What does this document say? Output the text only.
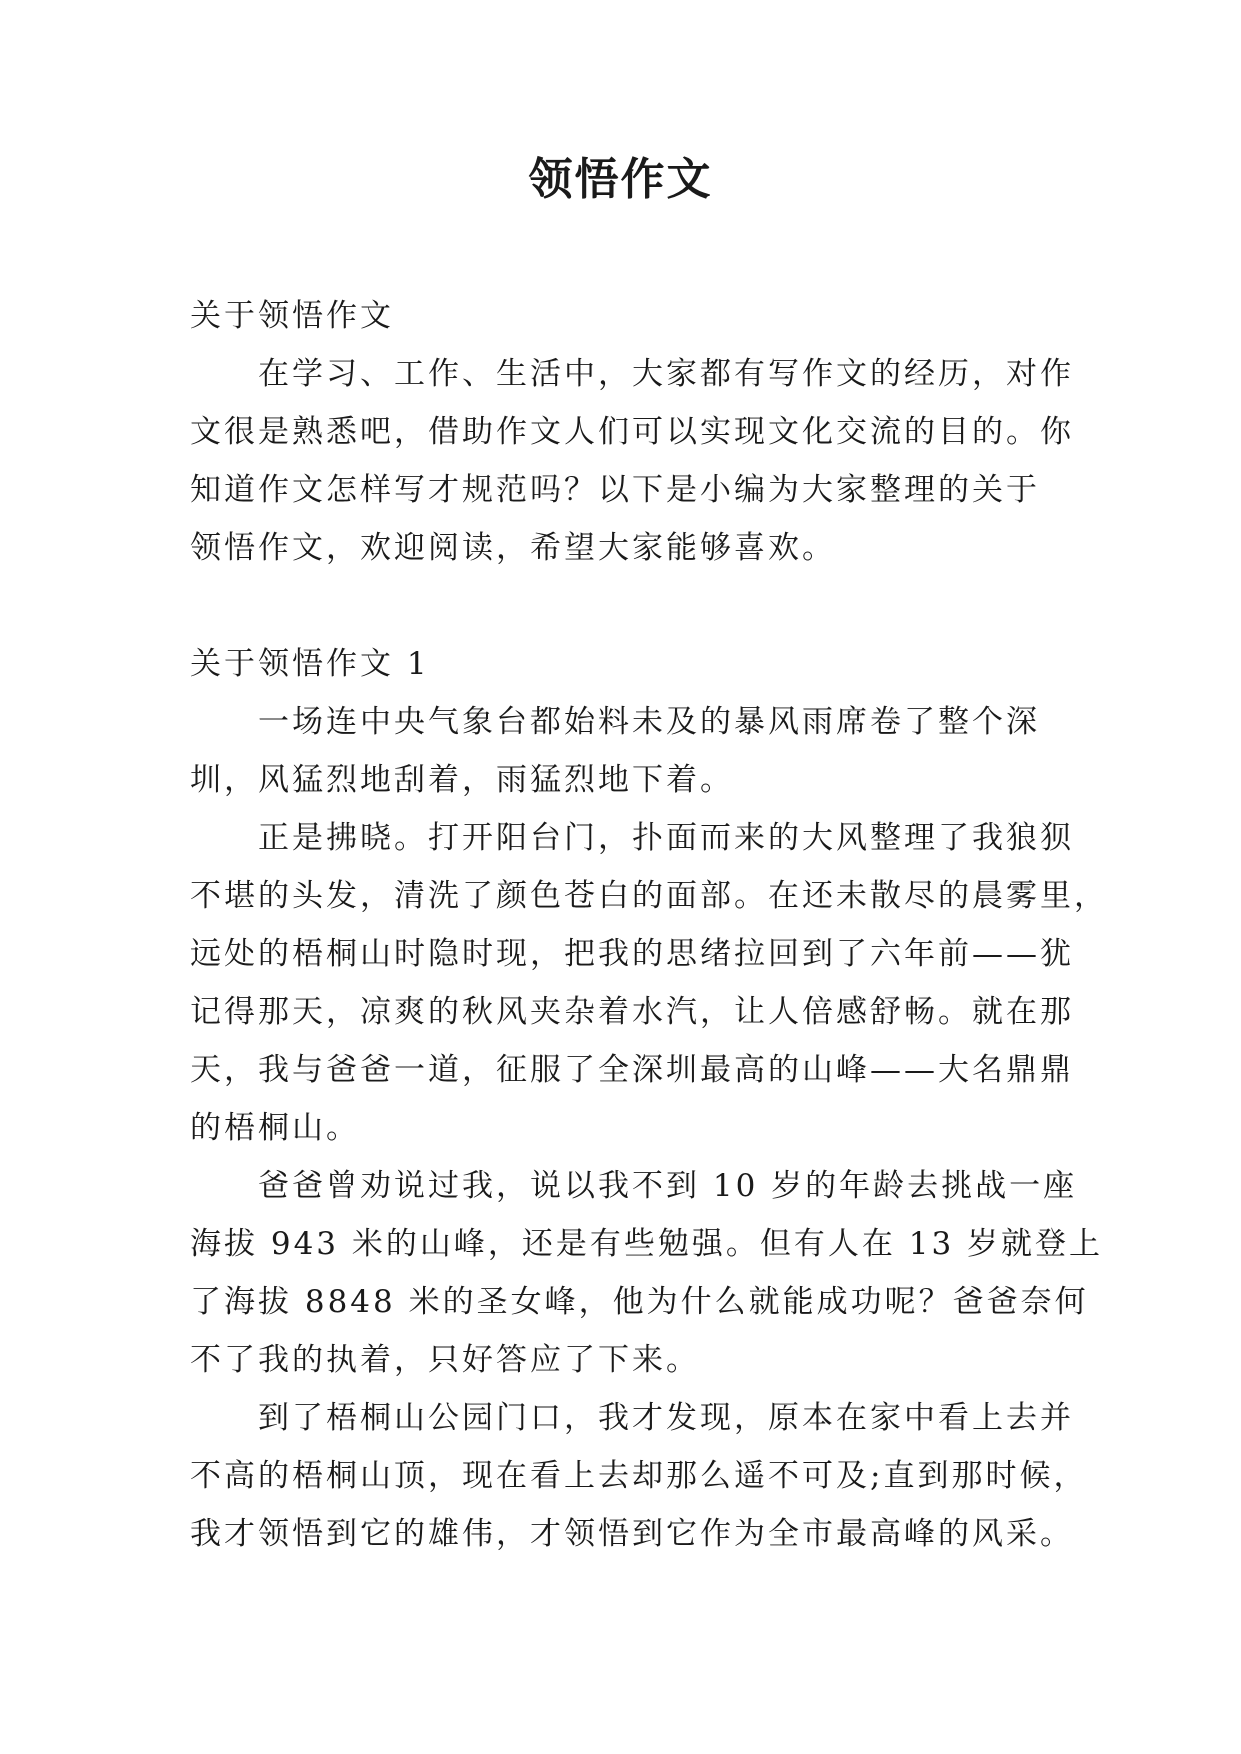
领悟作文
关于领悟作文
在学习、工作、生活中，大家都有写作文的经历，对作
文很是熟悉吧，借助作文人们可以实现文化交流的目的。你
知道作文怎样写才规范吗？以下是小编为大家整理的关于
领悟作文，欢迎阅读，希望大家能够喜欢。
关于领悟作文 1
一场连中央气象台都始料未及的暴风雨席卷了整个深
圳，风猛烈地刮着，雨猛烈地下着。
正是拂晓。打开阳台门，扑面而来的大风整理了我狼狈
不堪的头发，清洗了颜色苍白的面部。在还未散尽的晨雾里，
远处的梧桐山时隐时现，把我的思绪拉回到了六年前——犹
记得那天，凉爽的秋风夹杂着水汽，让人倍感舒畅。就在那
天，我与爸爸一道，征服了全深圳最高的山峰——大名鼎鼎
的梧桐山。
爸爸曾劝说过我，说以我不到 10 岁的年龄去挑战一座
海拔 943 米的山峰，还是有些勉强。但有人在 13 岁就登上
了海拔 8848 米的圣女峰，他为什么就能成功呢？爸爸奈何
不了我的执着，只好答应了下来。
到了梧桐山公园门口，我才发现，原本在家中看上去并
不高的梧桐山顶，现在看上去却那么遥不可及;直到那时候，
我才领悟到它的雄伟，才领悟到它作为全市最高峰的风采。
